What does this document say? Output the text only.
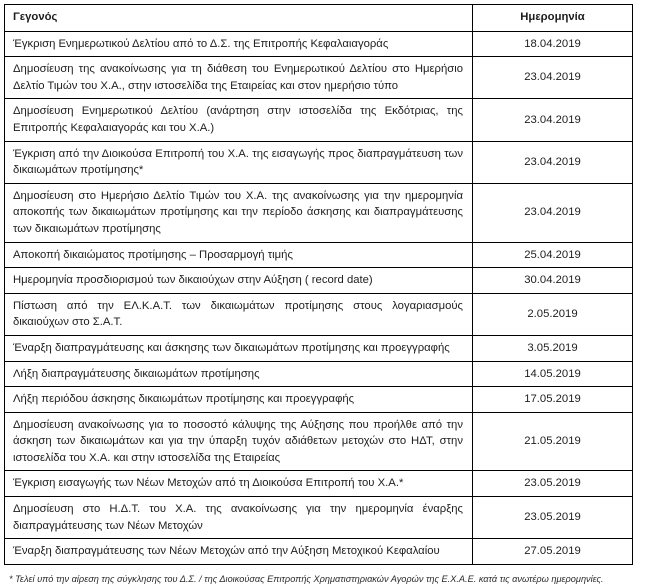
Γεγονός	Ημερομηνία
Έγκριση Ενημερωτικού Δελτίου από το Δ.Σ. της Επιτροπής Κεφαλαιαγοράς	18.04.2019
Δημοσίευση της ανακοίνωσης για τη διάθεση του Ενημερωτικού Δελτίου στο Ημερήσιο Δελτίο Τιμών του Χ.Α., στην ιστοσελίδα της Εταιρείας και στον ημερήσιο τύπο	23.04.2019
Δημοσίευση Ενημερωτικού Δελτίου (ανάρτηση στην ιστοσελίδα της Εκδότριας, της Επιτροπής Κεφαλαιαγοράς και του Χ.Α.)	23.04.2019
Έγκριση από την Διοικούσα Επιτροπή του Χ.Α. της εισαγωγής προς διαπραγμάτευση των δικαιωμάτων προτίμησης*	23.04.2019
Δημοσίευση στο Ημερήσιο Δελτίο Τιμών του Χ.Α. της ανακοίνωσης για την ημερομηνία αποκοπής των δικαιωμάτων προτίμησης και την περίοδο άσκησης και διαπραγμάτευσης των δικαιωμάτων προτίμησης	23.04.2019
Αποκοπή δικαιώματος προτίμησης – Προσαρμογή τιμής	25.04.2019
Ημερομηνία προσδιορισμού των δικαιούχων στην Αύξηση ( record date)	30.04.2019
Πίστωση από την ΕΛ.Κ.Α.Τ. των δικαιωμάτων προτίμησης στους λογαριασμούς δικαιούχων στο Σ.Α.Τ.	2.05.2019
Έναρξη διαπραγμάτευσης και άσκησης των δικαιωμάτων προτίμησης και προεγγραφής	3.05.2019
Λήξη διαπραγμάτευσης δικαιωμάτων προτίμησης	14.05.2019
Λήξη περιόδου άσκησης δικαιωμάτων προτίμησης και προεγγραφής	17.05.2019
Δημοσίευση ανακοίνωσης για το ποσοστό κάλυψης της Αύξησης που προήλθε από την άσκηση των δικαιωμάτων και για την ύπαρξη τυχόν αδιάθετων μετοχών στο ΗΔΤ, στην ιστοσελίδα του Χ.Α. και στην ιστοσελίδα της Εταιρείας	21.05.2019
Έγκριση εισαγωγής των Νέων Μετοχών από τη Διοικούσα Επιτροπή του Χ.Α.*	23.05.2019
Δημοσίευση στο Η.Δ.Τ. του Χ.Α. της ανακοίνωσης για την ημερομηνία έναρξης διαπραγμάτευσης των Νέων Μετοχών	23.05.2019
Έναρξη διαπραγμάτευσης των Νέων Μετοχών από την Αύξηση Μετοχικού Κεφαλαίου	27.05.2019

* Τελεί υπό την αίρεση της σύγκλησης του Δ.Σ. / της Διοικούσας Επιτροπής Χρηματιστηριακών Αγορών της Ε.Χ.Α.Ε. κατά τις ανωτέρω ημερομηνίες.
